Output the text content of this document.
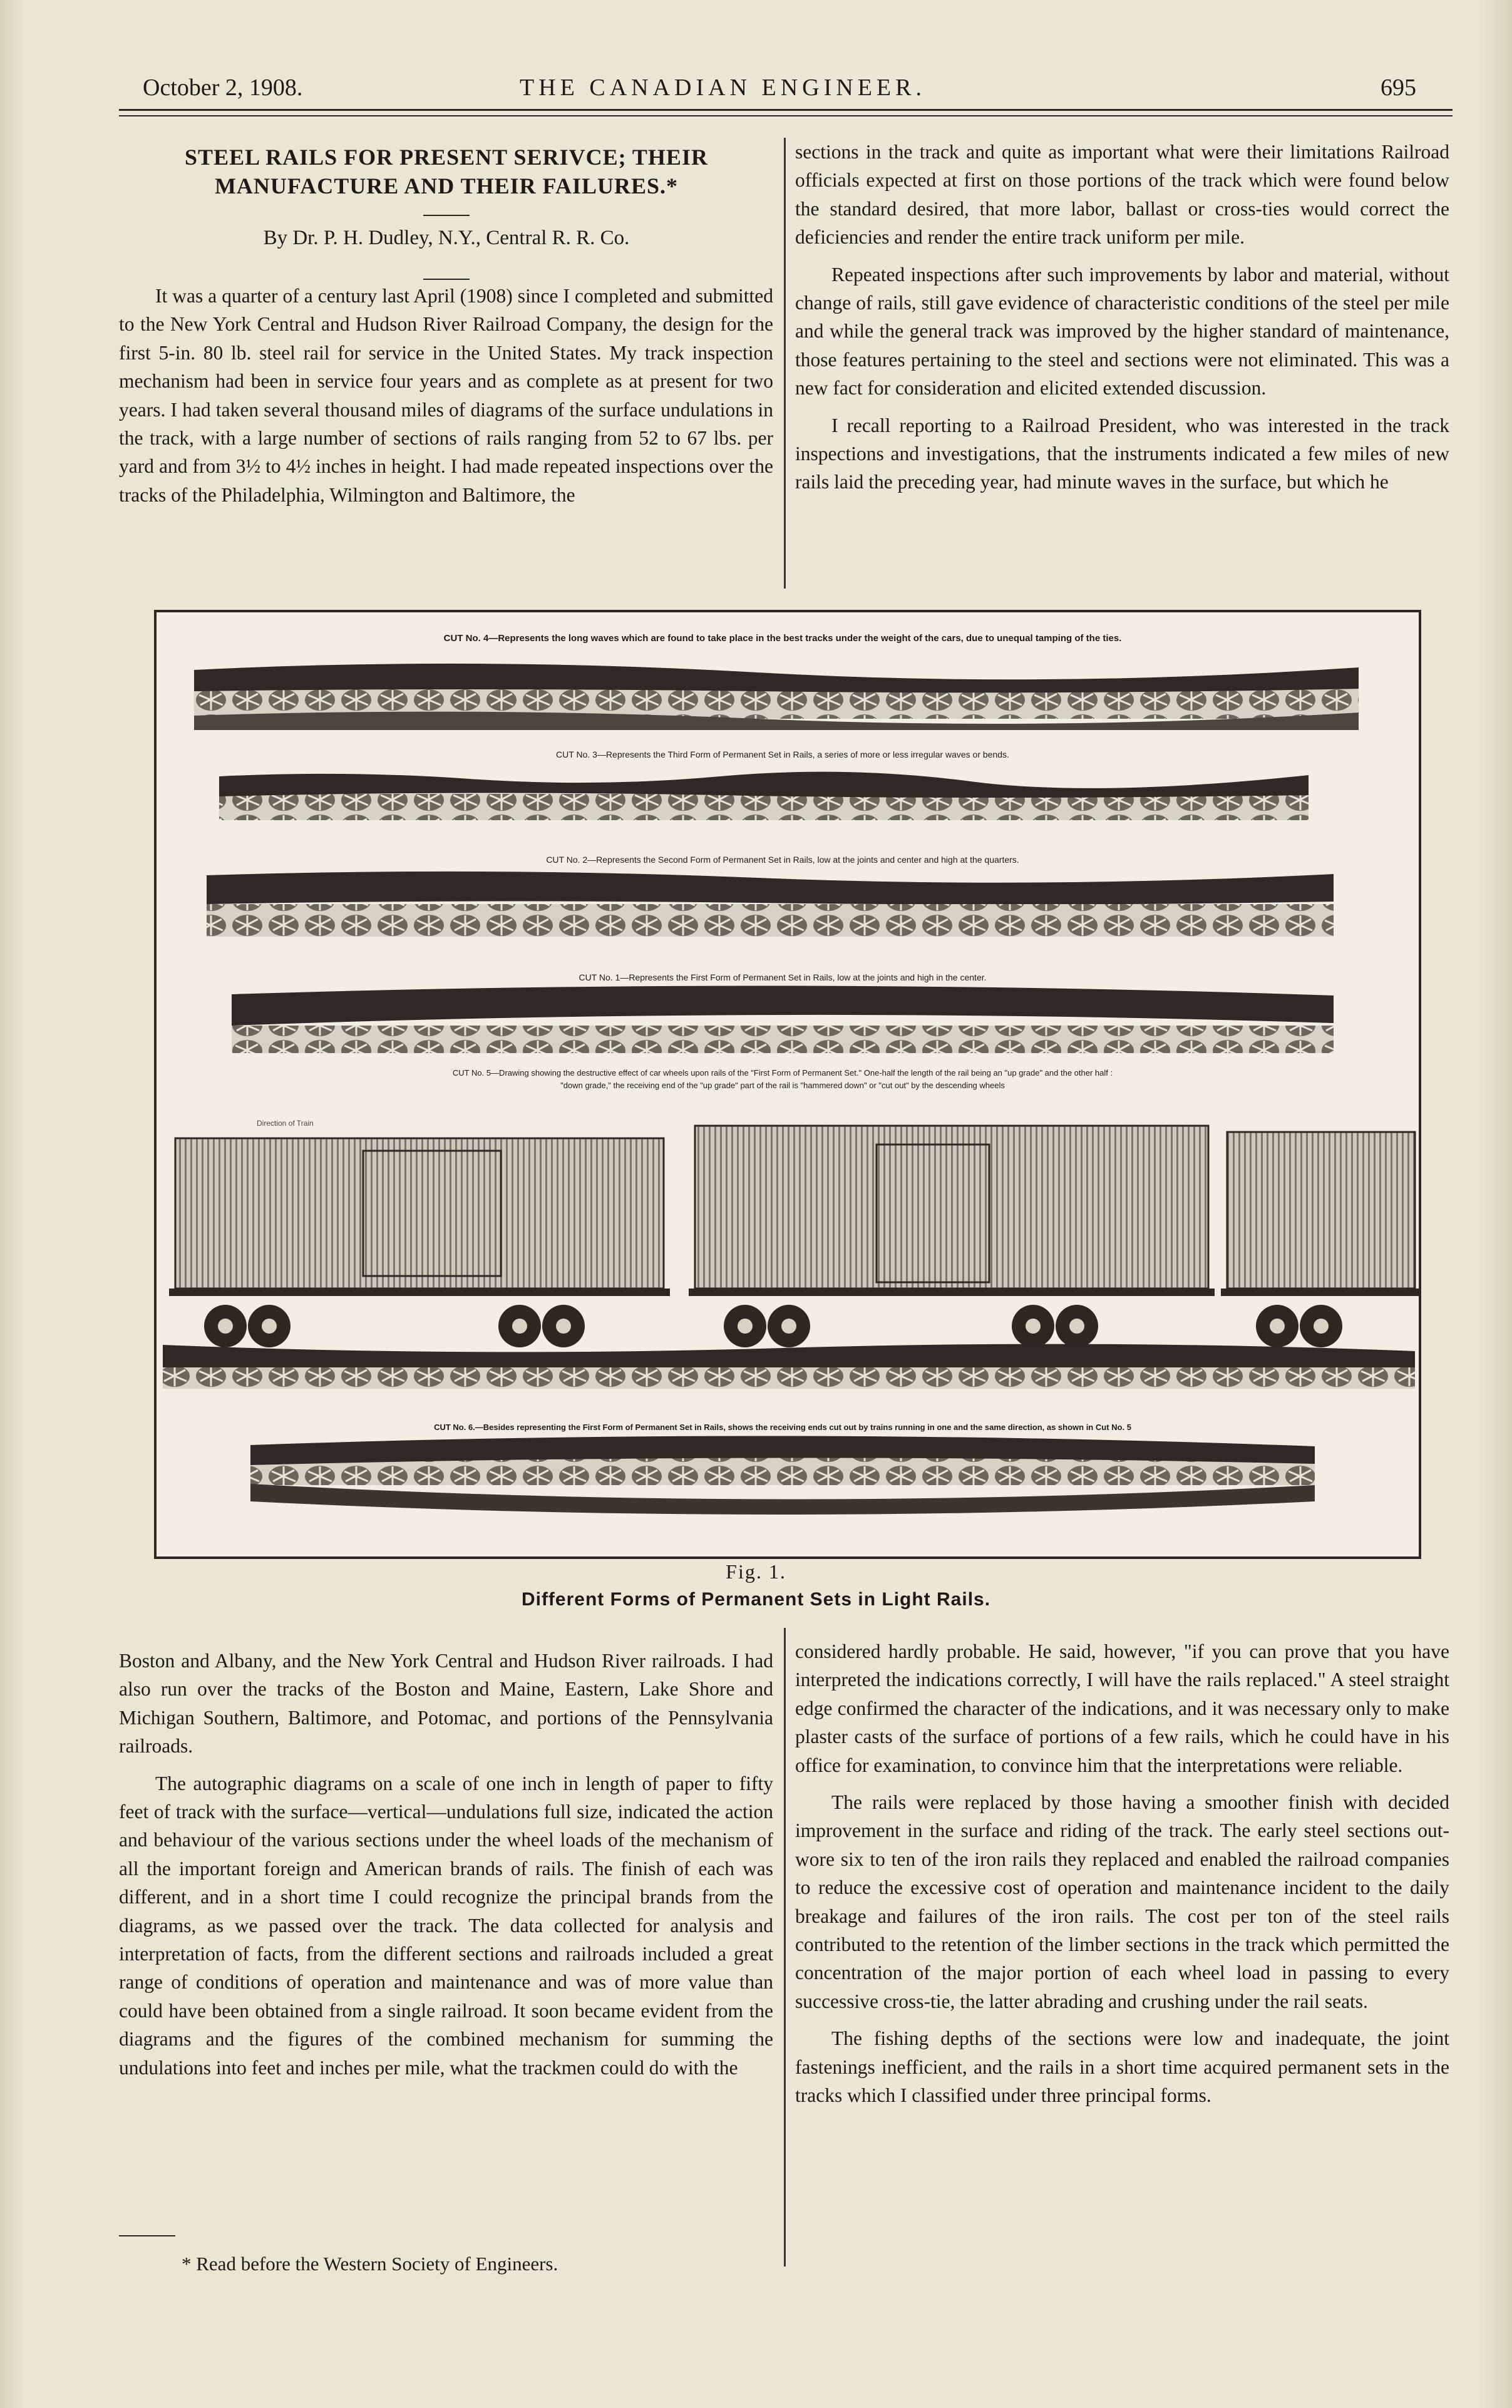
October 2, 1908.	THE CANADIAN ENGINEER.	695
STEEL RAILS FOR PRESENT SERIVCE; THEIR
MANUFACTURE AND THEIR FAILURES.*
By Dr. P. H. Dudley, N.Y., Central R. R. Co.

It was a quarter of a century last April (1908) since I completed and submitted to the New York Central and Hudson River Railroad Company, the design for the first 5-in. 80 lb. steel rail for service in the United States. My track inspection mechanism had been in service four years and as complete as at present for two years. I had taken several thousand miles of diagrams of the surface undulations in the track, with a large number of sections of rails ranging from 52 to 67 lbs. per yard and from 3½ to 4½ inches in height. I had made repeated inspections over the tracks of the Philadelphia, Wilmington and Baltimore, the

sections in the track and quite as important what were their limitations Railroad officials expected at first on those portions of the track which were found below the standard desired, that more labor, ballast or cross-ties would correct the deficiencies and render the entire track uniform per mile.

Repeated inspections after such improvements by labor and material, without change of rails, still gave evidence of characteristic conditions of the steel per mile and while the general track was improved by the higher standard of maintenance, those features pertaining to the steel and sections were not eliminated. This was a new fact for consideration and elicited extended discussion.

I recall reporting to a Railroad President, who was interested in the track inspections and investigations, that the instruments indicated a few miles of new rails laid the preceding year, had minute waves in the surface, but which he

CUT No. 4—Represents the long waves which are found to take place in the best tracks under the weight of the cars, due to unequal tamping of the ties.
CUT No. 3—Represents the Third Form of Permanent Set in Rails, a series of more or less irregular waves or bends.
CUT No. 2—Represents the Second Form of Permanent Set in Rails, low at the joints and center and high at the quarters.
CUT No. 1—Represents the First Form of Permanent Set in Rails, low at the joints and high in the center.
CUT No. 5—Drawing showing the destructive effect of car wheels upon rails of the "First Form of Permanent Set." One-half the length of the rail being an "up grade" and the other half :
"down grade," the receiving end of the "up grade" part of the rail is "hammered down" or "cut out" by the descending wheels
Direction of Train
CUT No. 6.—Besides representing the First Form of Permanent Set in Rails, shows the receiving ends cut out by trains running in one and the same direction, as shown in Cut No. 5
Fig. 1.
Different Forms of Permanent Sets in Light Rails.

Boston and Albany, and the New York Central and Hudson River railroads. I had also run over the tracks of the Boston and Maine, Eastern, Lake Shore and Michigan Southern, Baltimore, and Potomac, and portions of the Pennsylvania railroads.

The autographic diagrams on a scale of one inch in length of paper to fifty feet of track with the surface—vertical—undulations full size, indicated the action and behaviour of the various sections under the wheel loads of the mechanism of all the important foreign and American brands of rails. The finish of each was different, and in a short time I could recognize the principal brands from the diagrams, as we passed over the track. The data collected for analysis and interpretation of facts, from the different sections and railroads included a great range of conditions of operation and maintenance and was of more value than could have been obtained from a single railroad. It soon became evident from the diagrams and the figures of the combined mechanism for summing the undulations into feet and inches per mile, what the trackmen could do with the

considered hardly probable. He said, however, "if you can prove that you have interpreted the indications correctly, I will have the rails replaced." A steel straight edge confirmed the character of the indications, and it was necessary only to make plaster casts of the surface of portions of a few rails, which he could have in his office for examination, to convince him that the interpretations were reliable.

The rails were replaced by those having a smoother finish with decided improvement in the surface and riding of the track. The early steel sections out-wore six to ten of the iron rails they replaced and enabled the railroad companies to reduce the excessive cost of operation and maintenance incident to the daily breakage and failures of the iron rails. The cost per ton of the steel rails contributed to the retention of the limber sections in the track which permitted the concentration of the major portion of each wheel load in passing to every successive cross-tie, the latter abrading and crushing under the rail seats.

The fishing depths of the sections were low and inadequate, the joint fastenings inefficient, and the rails in a short time acquired permanent sets in the tracks which I classified under three principal forms.

* Read before the Western Society of Engineers.
